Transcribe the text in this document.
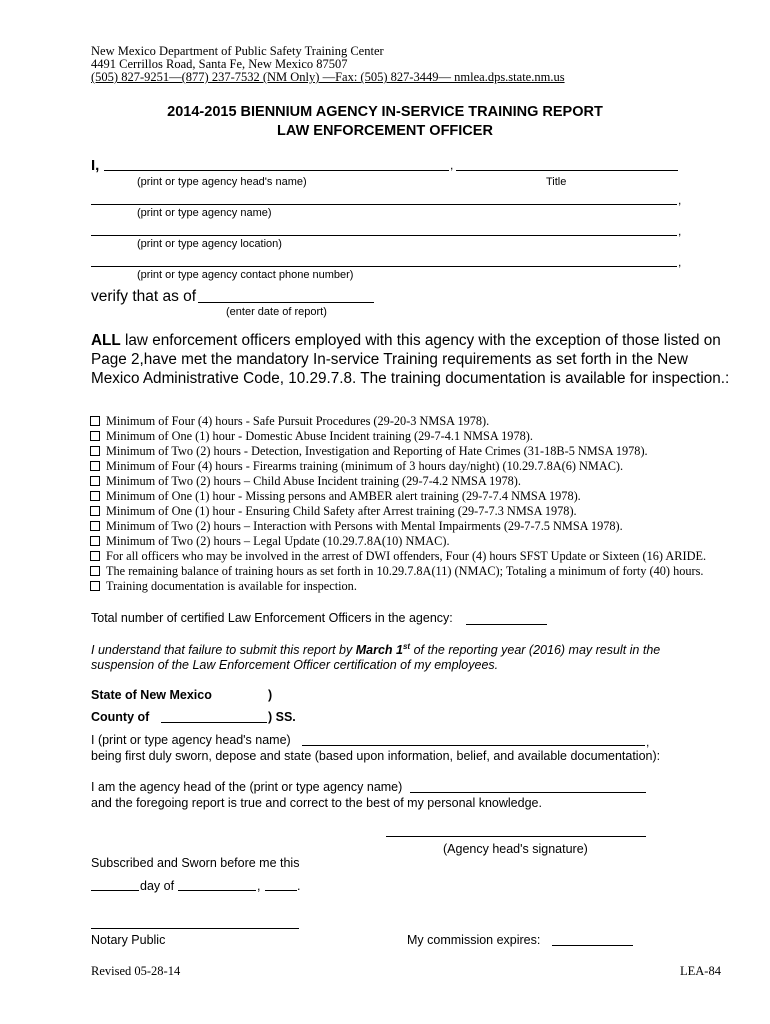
New Mexico Department of Public Safety Training Center
4491 Cerrillos Road, Santa Fe, New Mexico 87507
(505) 827-9251—(877) 237-7532 (NM Only) —Fax: (505) 827-3449— nmlea.dps.state.nm.us
2014-2015 BIENNIUM AGENCY IN-SERVICE TRAINING REPORT
LAW ENFORCEMENT OFFICER
I,	,
(print or type agency head's name)	Title
,
(print or type agency name)
,
(print or type agency location)
,
(print or type agency contact phone number)
verify that as of
(enter date of report)
ALL law enforcement officers employed with this agency with the exception of those listed on Page 2,have met the mandatory In-service Training requirements as set forth in the New Mexico Administrative Code, 10.29.7.8. The training documentation is available for inspection.:
Minimum of Four (4) hours - Safe Pursuit Procedures (29-20-3 NMSA 1978).
Minimum of One (1) hour - Domestic Abuse Incident training (29-7-4.1 NMSA 1978).
Minimum of Two (2) hours - Detection, Investigation and Reporting of Hate Crimes (31-18B-5 NMSA 1978).
Minimum of Four (4) hours - Firearms training (minimum of 3 hours day/night) (10.29.7.8A(6) NMAC).
Minimum of Two (2) hours – Child Abuse Incident training (29-7-4.2 NMSA 1978).
Minimum of One (1) hour - Missing persons and AMBER alert training (29-7-7.4 NMSA 1978).
Minimum of One (1) hour - Ensuring Child Safety after Arrest training (29-7-7.3 NMSA 1978).
Minimum of Two (2) hours – Interaction with Persons with Mental Impairments (29-7-7.5 NMSA 1978).
Minimum of Two (2) hours – Legal Update (10.29.7.8A(10) NMAC).
For all officers who may be involved in the arrest of DWI offenders, Four (4) hours SFST Update or Sixteen (16) ARIDE.
The remaining balance of training hours as set forth in 10.29.7.8A(11) (NMAC); Totaling a minimum of forty (40) hours.
Training documentation is available for inspection.
Total number of certified Law Enforcement Officers in the agency:
I understand that failure to submit this report by March 1st of the reporting year (2016) may result in the
suspension of the Law Enforcement Officer certification of my employees.
State of New Mexico	)
County of	) SS.
I (print or type agency head's name)	,
being first duly sworn, depose and state (based upon information, belief, and available documentation):
I am the agency head of the (print or type agency name)
and the foregoing report is true and correct to the best of my personal knowledge.
(Agency head's signature)
Subscribed and Sworn before me this
day of	,	.
Notary Public	My commission expires:
Revised 05-28-14	LEA-84
